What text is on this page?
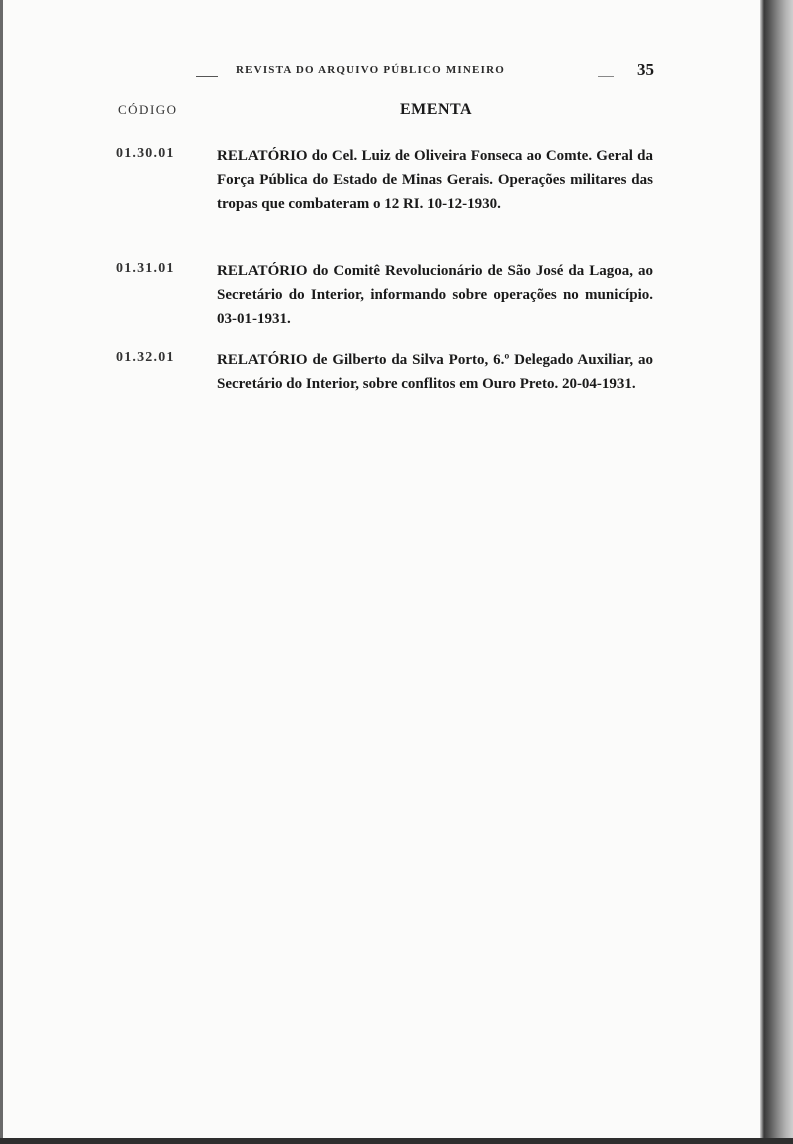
REVISTA DO ARQUIVO PÚBLICO MINEIRO	35
CÓDIGO	EMENTA
01.30.01	RELATÓRIO do Cel. Luiz de Oliveira Fonseca ao Comte. Geral da Força Pública do Estado de Minas Gerais. Operações militares das tropas que combateram o 12 RI. 10-12-1930.
01.31.01	RELATÓRIO do Comitê Revolucionário de São José da Lagoa, ao Secretário do Interior, informando sobre operações no município. 03-01-1931.
01.32.01	RELATÓRIO de Gilberto da Silva Porto, 6.º Delegado Auxiliar, ao Secretário do Interior, sobre conflitos em Ouro Preto. 20-04-1931.
